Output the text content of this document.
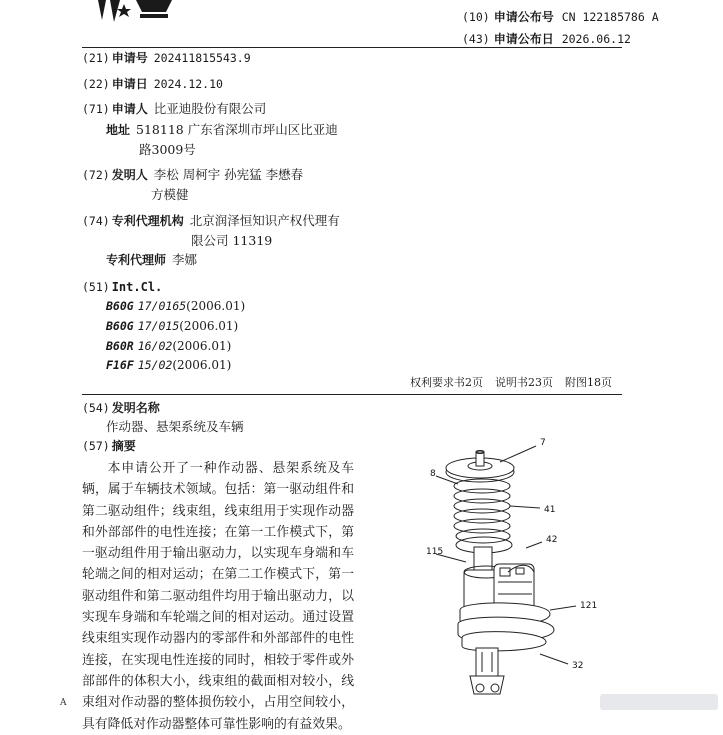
(10) 申请公布号 CN 122185786 A
(43) 申请公布日 2026.06.12
(21) 申请号 202411815543.9
(22) 申请日 2024.12.10
(71) 申请人 比亚迪股份有限公司
地址 518118 广东省深圳市坪山区比亚迪
路3009号
(72) 发明人 李松 周柯宇 孙宪猛 李懋春
方模健
(74) 专利代理机构 北京润泽恒知识产权代理有
限公司 11319
专利代理师 李娜
(51) Int.Cl.
B60G 17/0165(2006.01)
B60G 17/015(2006.01)
B60R 16/02(2006.01)
F16F 15/02(2006.01)
权利要求书2页 说明书23页 附图18页
(54) 发明名称
作动器、悬架系统及车辆
(57) 摘要
本申请公开了一种作动器、悬架系统及车辆，属于车辆技术领域。包括：第一驱动组件和第二驱动组件；线束组，线束组用于实现作动器和外部部件的电性连接；在第一工作模式下，第一驱动组件用于输出驱动力，以实现车身端和车轮端之间的相对运动；在第二工作模式下，第一驱动组件和第二驱动组件均用于输出驱动力，以实现车身端和车轮端之间的相对运动。通过设置线束组实现作动器内的零部件和外部部件的电性连接，在实现电性连接的同时，相较于零件或外部部件的体积大小，线束组的截面相对较小，线束组对作动器的整体损伤较小，占用空间较小，具有降低对作动器整体可靠性影响的有益效果。
7
8
41
42
115
121
32
A
